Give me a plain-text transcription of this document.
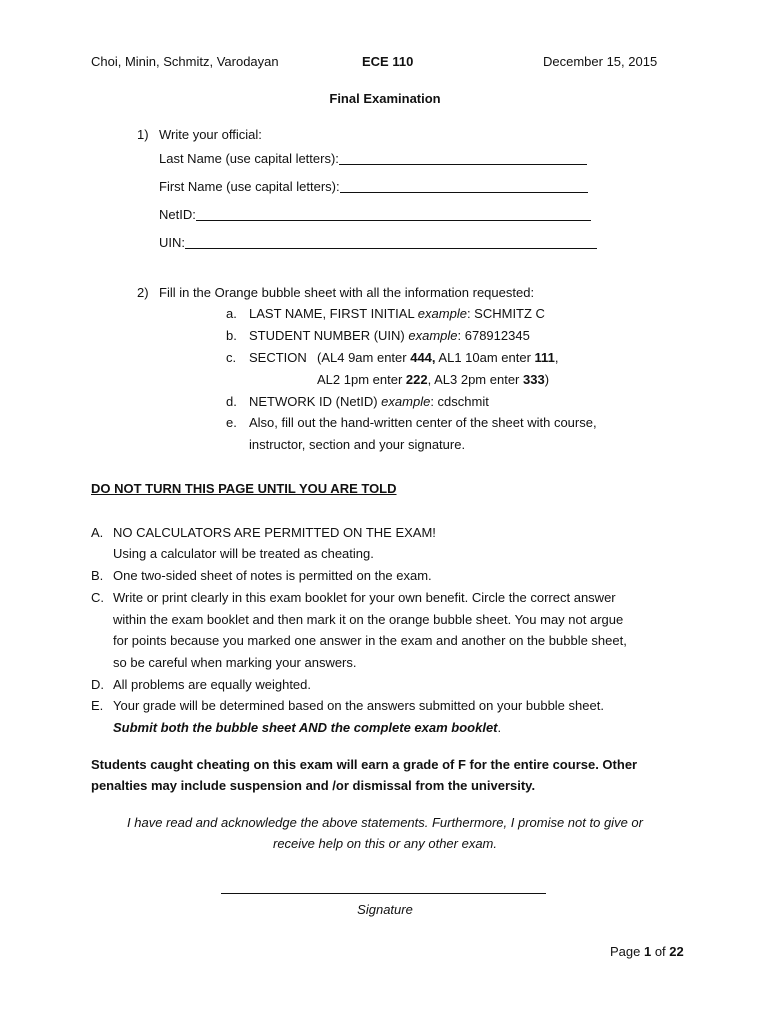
Choi, Minin, Schmitz, Varodayan	ECE 110	December 15, 2015
Final Examination
1) Write your official:
Last Name (use capital letters):
First Name (use capital letters):
NetID:
UIN:
2) Fill in the Orange bubble sheet with all the information requested:
a. LAST NAME, FIRST INITIAL example: SCHMITZ C
b. STUDENT NUMBER (UIN) example: 678912345
c. SECTION (AL4 9am enter 444, AL1 10am enter 111,
AL2 1pm enter 222, AL3 2pm enter 333)
d. NETWORK ID (NetID) example: cdschmit
e. Also, fill out the hand-written center of the sheet with course,
instructor, section and your signature.
DO NOT TURN THIS PAGE UNTIL YOU ARE TOLD
A. NO CALCULATORS ARE PERMITTED ON THE EXAM!
Using a calculator will be treated as cheating.
B. One two-sided sheet of notes is permitted on the exam.
C. Write or print clearly in this exam booklet for your own benefit. Circle the correct answer
within the exam booklet and then mark it on the orange bubble sheet. You may not argue
for points because you marked one answer in the exam and another on the bubble sheet,
so be careful when marking your answers.
D. All problems are equally weighted.
E. Your grade will be determined based on the answers submitted on your bubble sheet.
Submit both the bubble sheet AND the complete exam booklet.
Students caught cheating on this exam will earn a grade of F for the entire course. Other
penalties may include suspension and /or dismissal from the university.
I have read and acknowledge the above statements. Furthermore, I promise not to give or
receive help on this or any other exam.
Signature
Page 1 of 22
